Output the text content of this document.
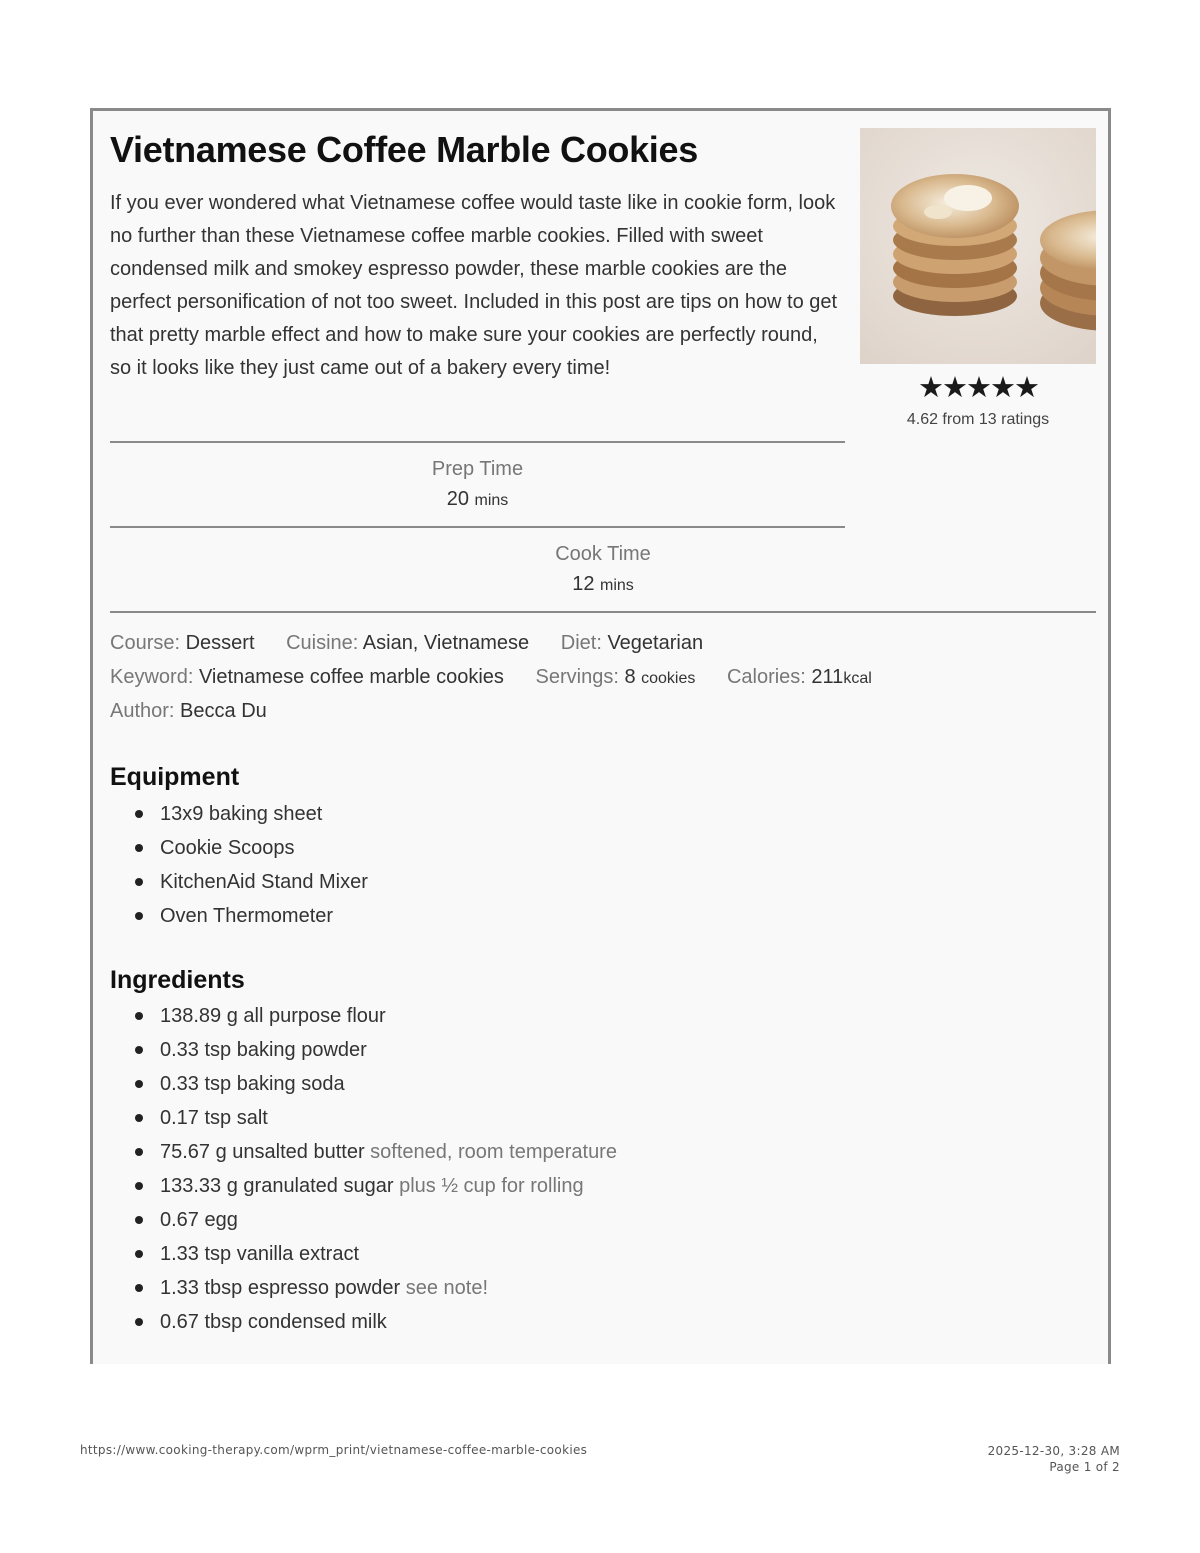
Vietnamese Coffee Marble Cookies

If you ever wondered what Vietnamese coffee would taste like in cookie form, look no further than these Vietnamese coffee marble cookies. Filled with sweet condensed milk and smokey espresso powder, these marble cookies are the perfect personification of not too sweet. Included in this post are tips on how to get that pretty marble effect and how to make sure your cookies are perfectly round, so it looks like they just came out of a bakery every time!

★★★★★
4.62 from 13 ratings
Prep Time
20 mins
Cook Time
12 mins
Course: Dessert Cuisine: Asian, Vietnamese Diet: Vegetarian
Keyword: Vietnamese coffee marble cookies Servings: 8 cookies Calories: 211kcal
Author: Becca Du
Equipment
13x9 baking sheet
Cookie Scoops
KitchenAid Stand Mixer
Oven Thermometer
Ingredients
138.89 g all purpose flour
0.33 tsp baking powder
0.33 tsp baking soda
0.17 tsp salt
75.67 g unsalted butter softened, room temperature
133.33 g granulated sugar plus ½ cup for rolling
0.67 egg
1.33 tsp vanilla extract
1.33 tbsp espresso powder see note!
0.67 tbsp condensed milk
https://www.cooking-therapy.com/wprm_print/vietnamese-coffee-marble-cookies	2025-12-30, 3:28 AM
Page 1 of 2
